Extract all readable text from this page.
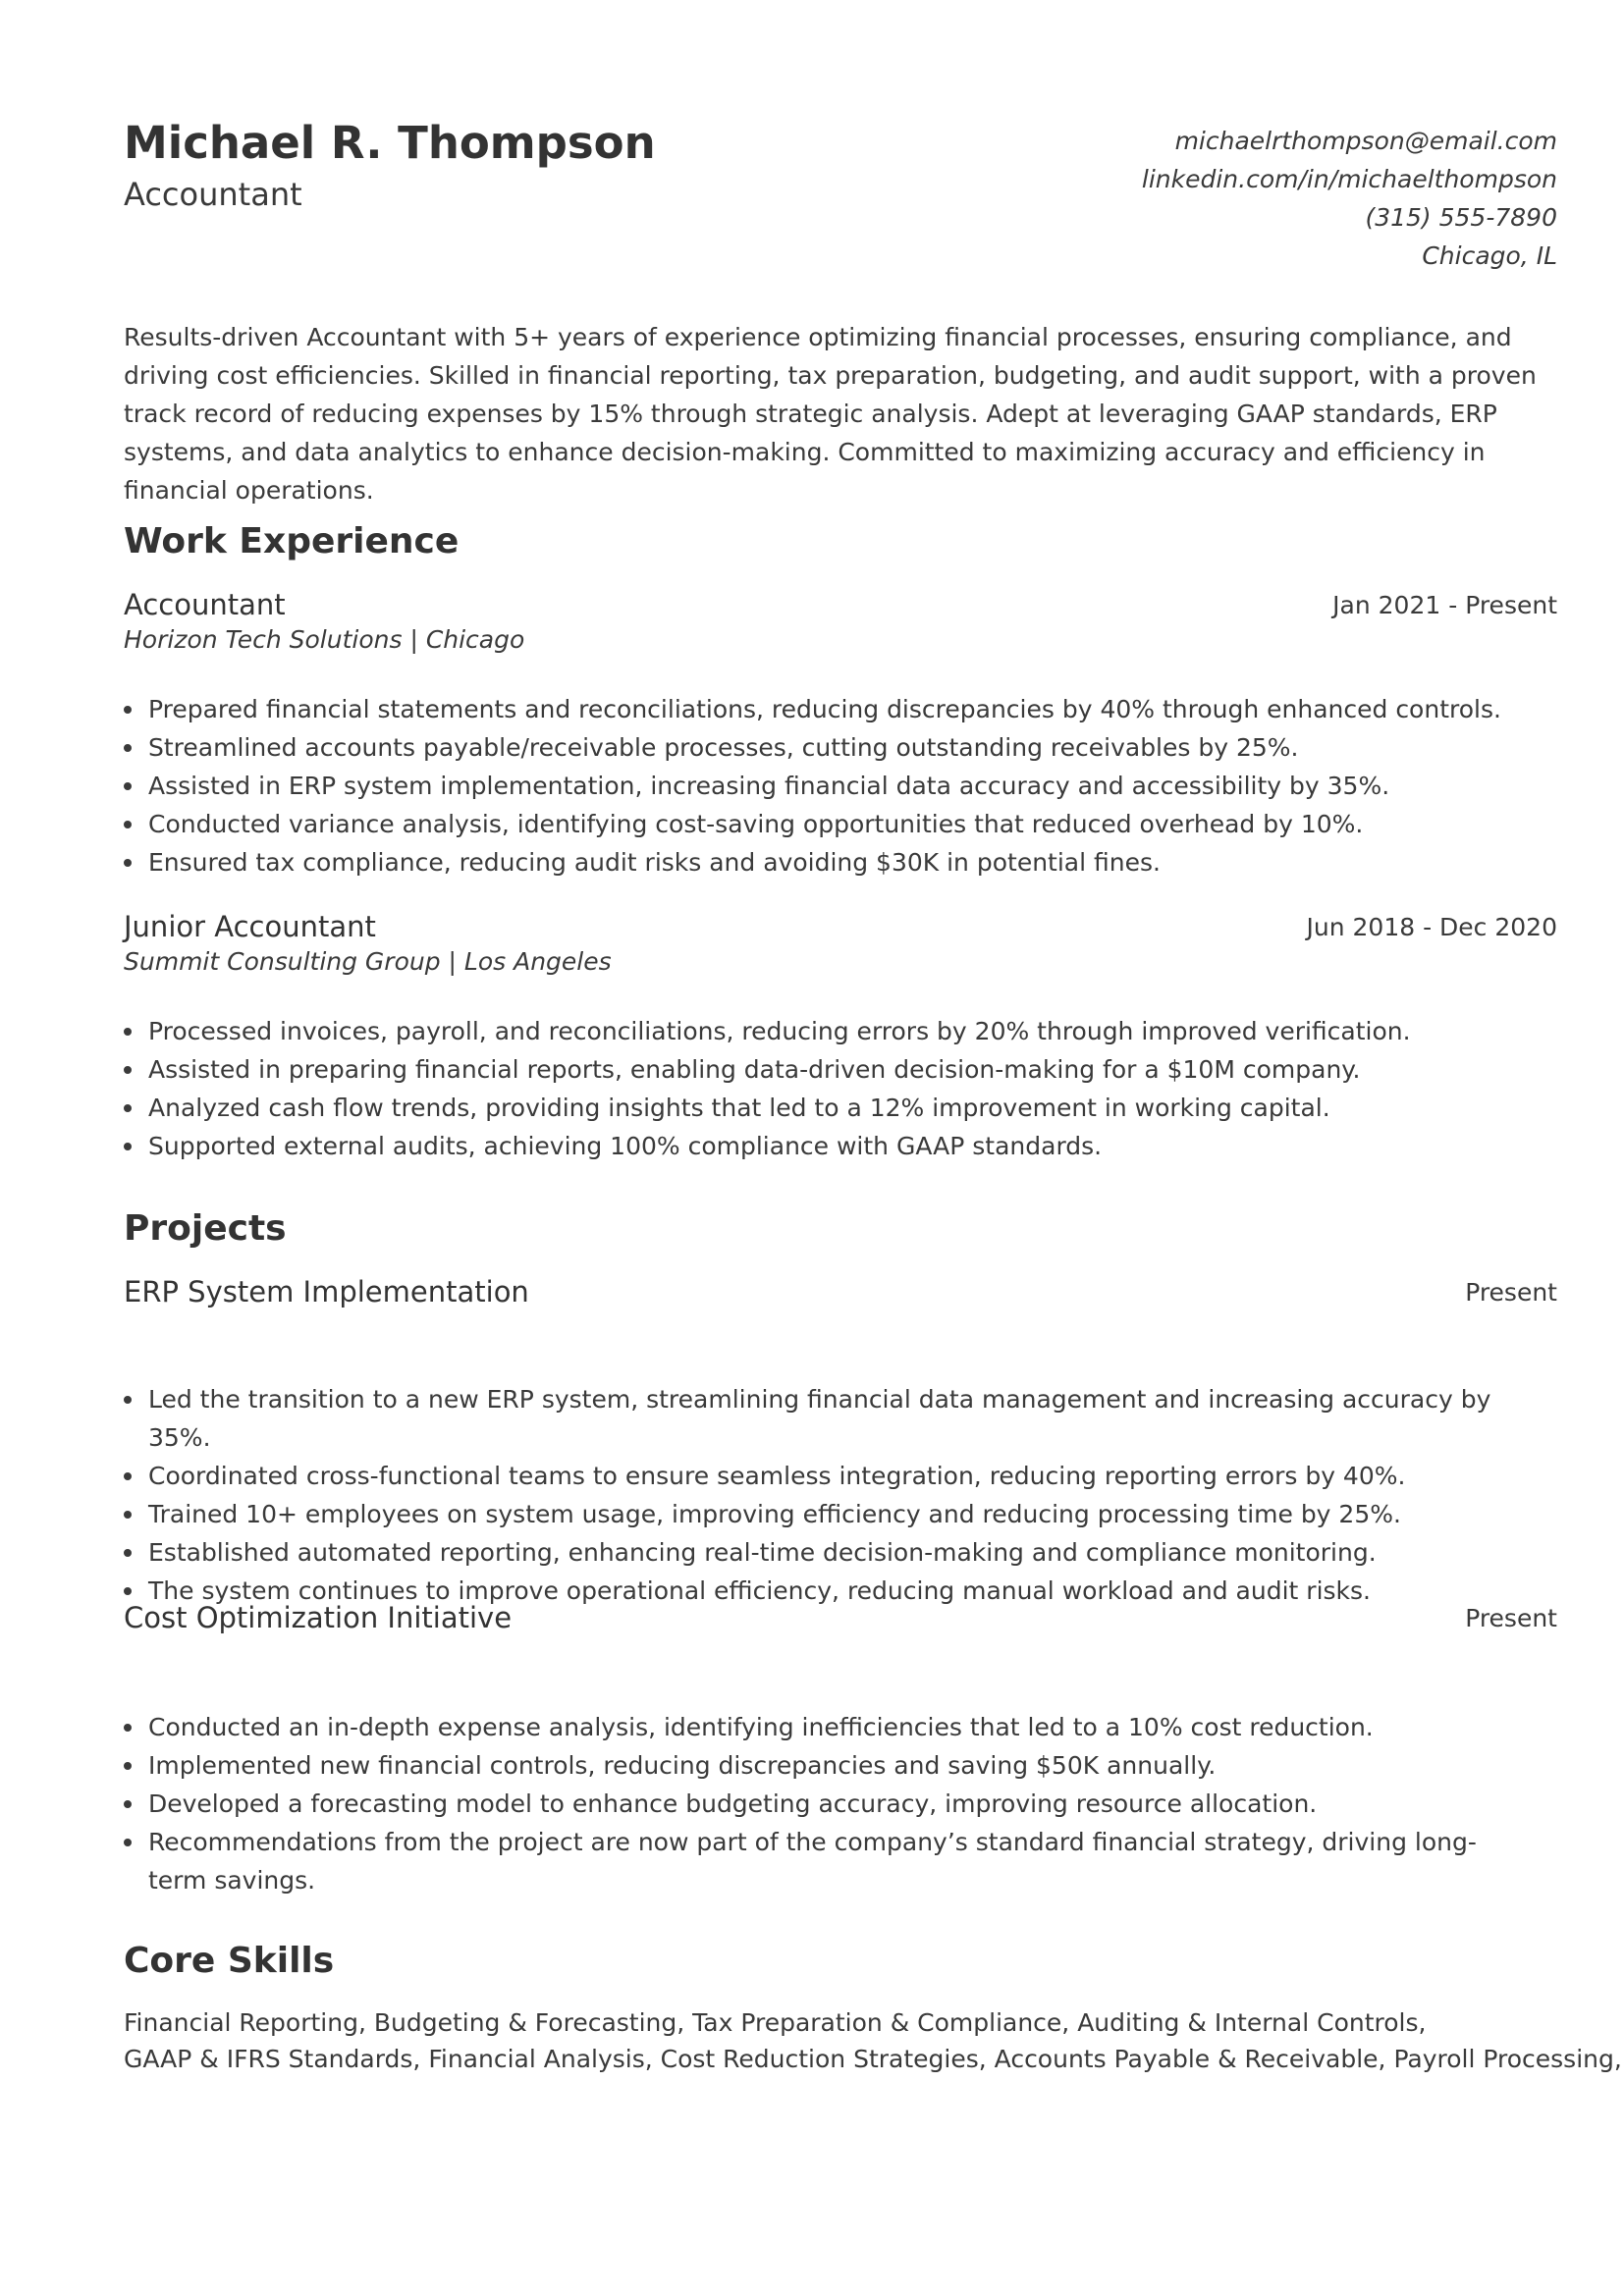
Michael R. Thompson
Accountant
michaelrthompson@email.com
linkedin.com/in/michaelthompson
(315) 555-7890
Chicago, IL
Results-driven Accountant with 5+ years of experience optimizing financial processes, ensuring compliance, and driving cost efficiencies. Skilled in financial reporting, tax preparation, budgeting, and audit support, with a proven track record of reducing expenses by 15% through strategic analysis. Adept at leveraging GAAP standards, ERP systems, and data analytics to enhance decision-making. Committed to maximizing accuracy and efficiency in financial operations.
Work Experience
Accountant	Jan 2021 - Present
Horizon Tech Solutions | Chicago
Prepared financial statements and reconciliations, reducing discrepancies by 40% through enhanced controls.
Streamlined accounts payable/receivable processes, cutting outstanding receivables by 25%.
Assisted in ERP system implementation, increasing financial data accuracy and accessibility by 35%.
Conducted variance analysis, identifying cost-saving opportunities that reduced overhead by 10%.
Ensured tax compliance, reducing audit risks and avoiding $30K in potential fines.
Junior Accountant	Jun 2018 - Dec 2020
Summit Consulting Group | Los Angeles
Processed invoices, payroll, and reconciliations, reducing errors by 20% through improved verification.
Assisted in preparing financial reports, enabling data-driven decision-making for a $10M company.
Analyzed cash flow trends, providing insights that led to a 12% improvement in working capital.
Supported external audits, achieving 100% compliance with GAAP standards.
Projects
ERP System Implementation	Present
Led the transition to a new ERP system, streamlining financial data management and increasing accuracy by 35%.
Coordinated cross-functional teams to ensure seamless integration, reducing reporting errors by 40%.
Trained 10+ employees on system usage, improving efficiency and reducing processing time by 25%.
Established automated reporting, enhancing real-time decision-making and compliance monitoring.
The system continues to improve operational efficiency, reducing manual workload and audit risks.
Cost Optimization Initiative	Present
Conducted an in-depth expense analysis, identifying inefficiencies that led to a 10% cost reduction.
Implemented new financial controls, reducing discrepancies and saving $50K annually.
Developed a forecasting model to enhance budgeting accuracy, improving resource allocation.
Recommendations from the project are now part of the company’s standard financial strategy, driving long-term savings.
Core Skills
Financial Reporting, Budgeting & Forecasting, Tax Preparation & Compliance, Auditing & Internal Controls,
GAAP & IFRS Standards, Financial Analysis, Cost Reduction Strategies, Accounts Payable & Receivable, Payroll Processing,
